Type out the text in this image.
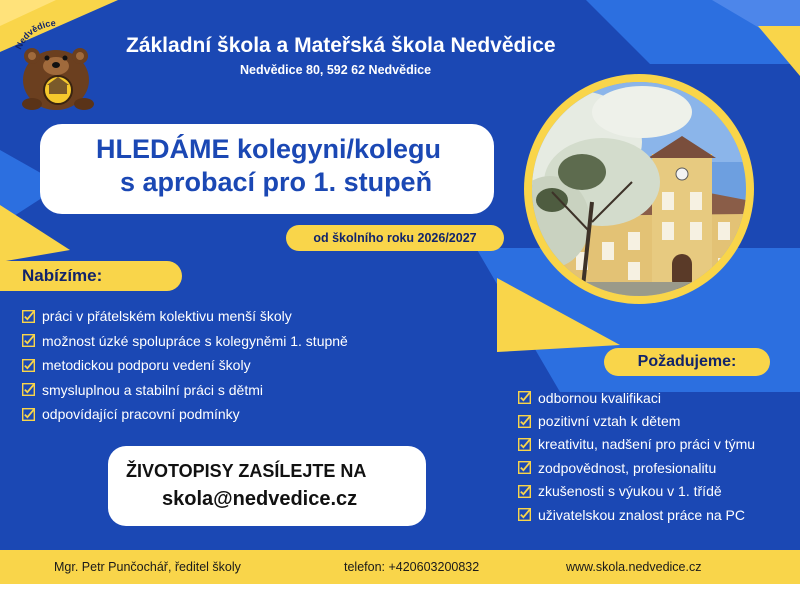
Nedvědice
Základní škola a Mateřská škola Nedvědice
Nedvědice 80, 592 62 Nedvědice
HLEDÁME kolegyni/kolegu
s aprobací pro 1. stupeň
od školního roku 2026/2027
Nabízíme:
práci v přátelském kolektivu menší školy
možnost úzké spolupráce s kolegyněmi 1. stupně
metodickou podporu vedení školy
smysluplnou a stabilní práci s dětmi
odpovídající pracovní podmínky
Požadujeme:
odbornou kvalifikaci
pozitivní vztah k dětem
kreativitu, nadšení pro práci v týmu
zodpovědnost, profesionalitu
zkušenosti s výukou v 1. třídě
uživatelskou znalost práce na PC
ŽIVOTOPISY ZASÍLEJTE NA
skola@nedvedice.cz
Mgr. Petr Punčochář, ředitel školy	telefon: +420603200832	www.skola.nedvedice.cz
